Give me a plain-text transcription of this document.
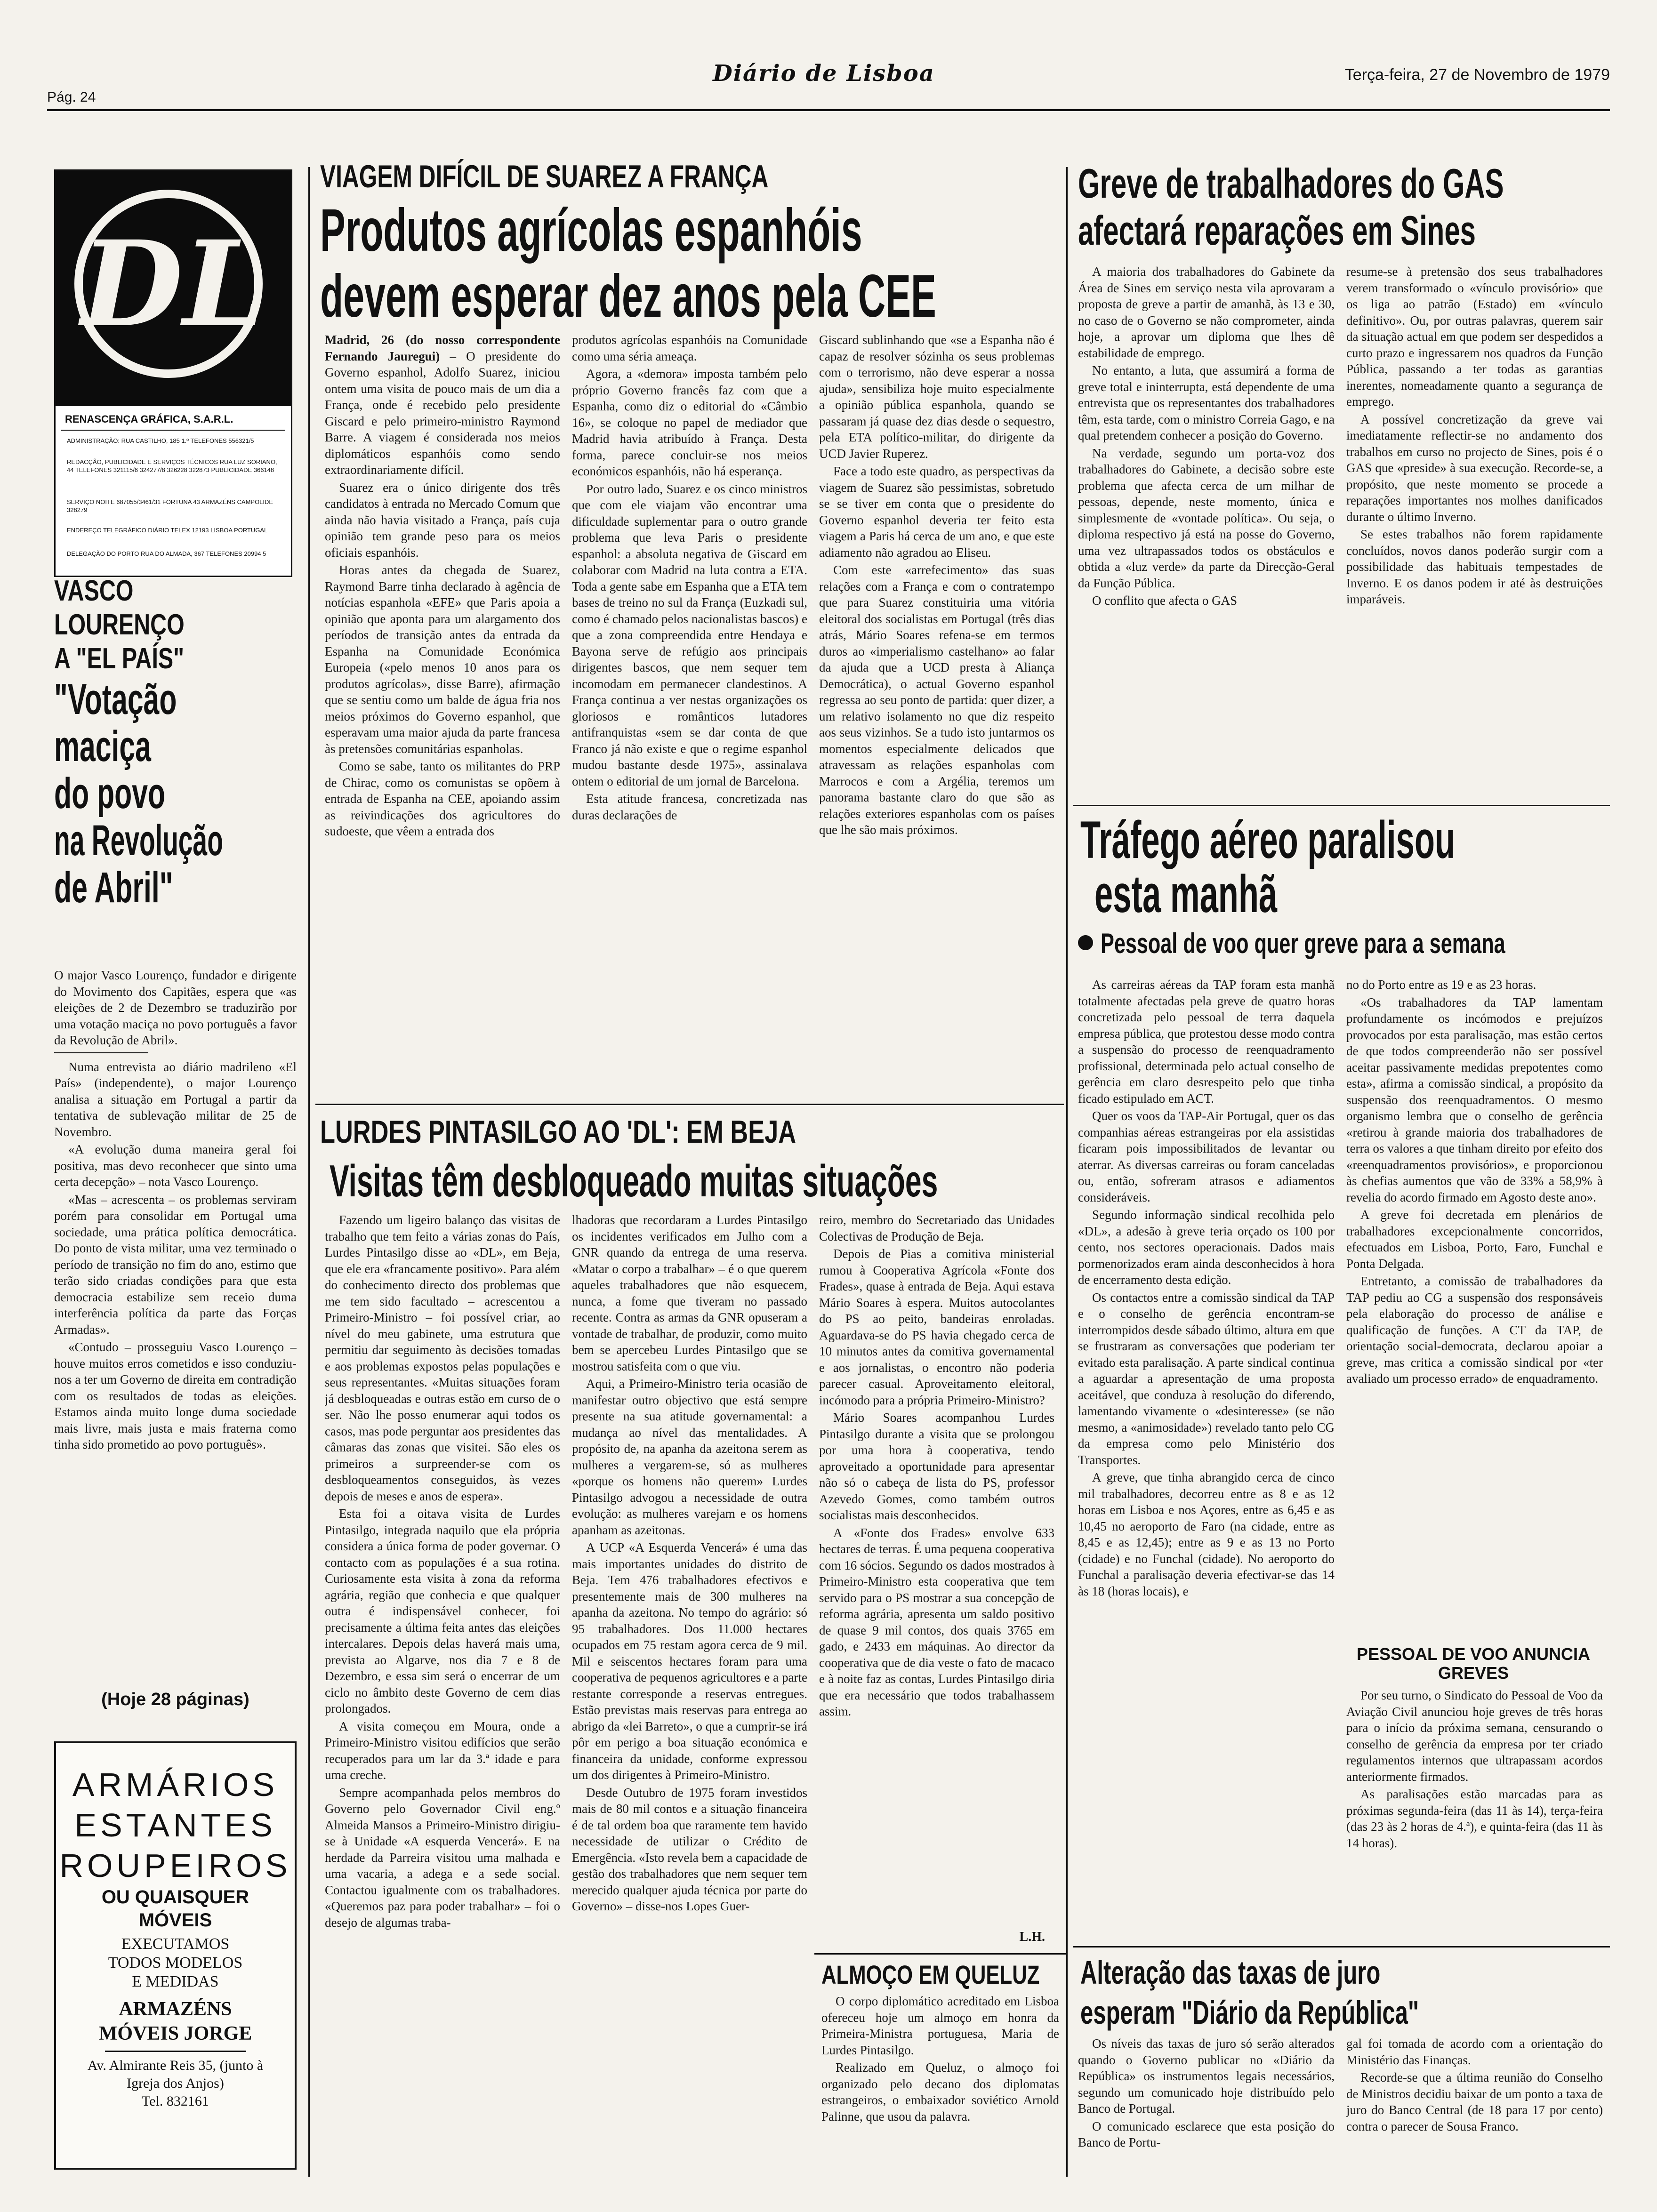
Pág. 24
Diário de Lisboa	Terça-feira, 27 de Novembro de 1979
DL
RENASCENÇA GRÁFICA, S.A.R.L.
ADMINISTRAÇÃO: RUA CASTILHO, 185 1.º TELEFONES 556321/5
REDACÇÃO, PUBLICIDADE E SERVIÇOS TÉCNICOS RUA LUZ SORIANO, 44 TELEFONES 321115/6 324277/8 326228 322873 PUBLICIDADE 366148
SERVIÇO NOITE 687055/3461/31 FORTUNA 43 ARMAZÉNS CAMPOLIDE 328279
ENDEREÇO TELEGRÁFICO DIÁRIO TELEX 12193 LISBOA PORTUGAL
DELEGAÇÃO DO PORTO RUA DO ALMADA, 367 TELEFONES 20994 5
VASCO
LOURENÇO
A "EL PAÍS"
"Votação
maciça
do povo
na Revolução
de Abril"

O major Vasco Lourenço, fundador e dirigente do Movimento dos Capitães, espera que «as eleições de 2 de Dezembro se traduzirão por uma votação maciça no povo português a favor da Revolução de Abril».

Numa entrevista ao diário madrileno «El País» (independente), o major Lourenço analisa a situação em Portugal a partir da tentativa de sublevação militar de 25 de Novembro.

«A evolução duma maneira geral foi positiva, mas devo reconhecer que sinto uma certa decepção» – nota Vasco Lourenço.

«Mas – acrescenta – os problemas serviram porém para consolidar em Portugal uma sociedade, uma prática política democrática. Do ponto de vista militar, uma vez terminado o período de transição no fim do ano, estimo que terão sido criadas condições para que esta democracia estabilize sem receio duma interferência política da parte das Forças Armadas».

«Contudo – prosseguiu Vasco Lourenço – houve muitos erros cometidos e isso conduziu-nos a ter um Governo de direita em contradição com os resultados de todas as eleições. Estamos ainda muito longe duma sociedade mais livre, mais justa e mais fraterna como tinha sido prometido ao povo português».

(Hoje 28 páginas)
ARMÁRIOS
ESTANTES
ROUPEIROS
OU QUAISQUER
MÓVEIS
EXECUTAMOS
TODOS MODELOS
E MEDIDAS
ARMAZÉNS
MÓVEIS JORGE
Av. Almirante Reis 35, (junto à Igreja dos Anjos)
Tel. 832161
VIAGEM DIFÍCIL DE SUAREZ A FRANÇA
Produtos agrícolas espanhóis
devem esperar dez anos pela CEE

Madrid, 26 (do nosso correspondente Fernando Jauregui) – O presidente do Governo espanhol, Adolfo Suarez, iniciou ontem uma visita de pouco mais de um dia a França, onde é recebido pelo presidente Giscard e pelo primeiro-ministro Raymond Barre. A viagem é considerada nos meios diplomáticos espanhóis como sendo extraordinariamente difícil.

Suarez era o único dirigente dos três candidatos à entrada no Mercado Comum que ainda não havia visitado a França, país cuja opinião tem grande peso para os meios oficiais espanhóis.

Horas antes da chegada de Suarez, Raymond Barre tinha declarado à agência de notícias espanhola «EFE» que Paris apoia a opinião que aponta para um alargamento dos períodos de transição antes da entrada da Espanha na Comunidade Económica Europeia («pelo menos 10 anos para os produtos agrícolas», disse Barre), afirmação que se sentiu como um balde de água fria nos meios próximos do Governo espanhol, que esperavam uma maior ajuda da parte francesa às pretensões comunitárias espanholas.

Como se sabe, tanto os militantes do PRP de Chirac, como os comunistas se opõem à entrada de Espanha na CEE, apoiando assim as reivindicações dos agricultores do sudoeste, que vêem a entrada dos

produtos agrícolas espanhóis na Comunidade como uma séria ameaça.

Agora, a «demora» imposta também pelo próprio Governo francês faz com que a Espanha, como diz o editorial do «Câmbio 16», se coloque no papel de mediador que Madrid havia atribuído à França. Desta forma, parece concluir-se nos meios económicos espanhóis, não há esperança.

Por outro lado, Suarez e os cinco ministros que com ele viajam vão encontrar uma dificuldade suplementar para o outro grande problema que leva Paris o presidente espanhol: a absoluta negativa de Giscard em colaborar com Madrid na luta contra a ETA. Toda a gente sabe em Espanha que a ETA tem bases de treino no sul da França (Euzkadi sul, como é chamado pelos nacionalistas bascos) e que a zona compreendida entre Hendaya e Bayona serve de refúgio aos principais dirigentes bascos, que nem sequer tem incomodam em permanecer clandestinos. A França continua a ver nestas organizações os gloriosos e românticos lutadores antifranquistas «sem se dar conta de que Franco já não existe e que o regime espanhol mudou bastante desde 1975», assinalava ontem o editorial de um jornal de Barcelona.

Esta atitude francesa, concretizada nas duras declarações de

Giscard sublinhando que «se a Espanha não é capaz de resolver sózinha os seus problemas com o terrorismo, não deve esperar a nossa ajuda», sensibiliza hoje muito especialmente a opinião pública espanhola, quando se passaram já quase dez dias desde o sequestro, pela ETA político-militar, do dirigente da UCD Javier Ruperez.

Face a todo este quadro, as perspectivas da viagem de Suarez são pessimistas, sobretudo se se tiver em conta que o presidente do Governo espanhol deveria ter feito esta viagem a Paris há cerca de um ano, e que este adiamento não agradou ao Eliseu.

Com este «arrefecimento» das suas relações com a França e com o contratempo que para Suarez constituiria uma vitória eleitoral dos socialistas em Portugal (três dias atrás, Mário Soares refena-se em termos duros ao «imperialismo castelhano» ao falar da ajuda que a UCD presta à Aliança Democrática), o actual Governo espanhol regressa ao seu ponto de partida: quer dizer, a um relativo isolamento no que diz respeito aos seus vizinhos. Se a tudo isto juntarmos os momentos especialmente delicados que atravessam as relações espanholas com Marrocos e com a Argélia, teremos um panorama bastante claro do que são as relações exteriores espanholas com os países que lhe são mais próximos.

LURDES PINTASILGO AO 'DL': EM BEJA
Visitas têm desbloqueado muitas situações

Fazendo um ligeiro balanço das visitas de trabalho que tem feito a várias zonas do País, Lurdes Pintasilgo disse ao «DL», em Beja, que ele era «francamente positivo». Para além do conhecimento directo dos problemas que me tem sido facultado – acrescentou a Primeiro-Ministro – foi possível criar, ao nível do meu gabinete, uma estrutura que permitiu dar seguimento às decisões tomadas e aos problemas expostos pelas populações e seus representantes. «Muitas situações foram já desbloqueadas e outras estão em curso de o ser. Não lhe posso enumerar aqui todos os casos, mas pode perguntar aos presidentes das câmaras das zonas que visitei. São eles os primeiros a surpreender-se com os desbloqueamentos conseguidos, às vezes depois de meses e anos de espera».

Esta foi a oitava visita de Lurdes Pintasilgo, integrada naquilo que ela própria considera a única forma de poder governar. O contacto com as populações é a sua rotina. Curiosamente esta visita à zona da reforma agrária, região que conhecia e que qualquer outra é indispensável conhecer, foi precisamente a última feita antes das eleições intercalares. Depois delas haverá mais uma, prevista ao Algarve, nos dia 7 e 8 de Dezembro, e essa sim será o encerrar de um ciclo no âmbito deste Governo de cem dias prolongados.

A visita começou em Moura, onde a Primeiro-Ministro visitou edifícios que serão recuperados para um lar da 3.ª idade e para uma creche.

Sempre acompanhada pelos membros do Governo pelo Governador Civil eng.º Almeida Mansos a Primeiro-Ministro dirigiu-se à Unidade «A esquerda Vencerá». E na herdade da Parreira visitou uma malhada e uma vacaria, a adega e a sede social. Contactou igualmente com os trabalhadores. «Queremos paz para poder trabalhar» – foi o desejo de algumas traba-

lhadoras que recordaram a Lurdes Pintasilgo os incidentes verificados em Julho com a GNR quando da entrega de uma reserva. «Matar o corpo a trabalhar» – é o que querem aqueles trabalhadores que não esquecem, nunca, a fome que tiveram no passado recente. Contra as armas da GNR opuseram a vontade de trabalhar, de produzir, como muito bem se apercebeu Lurdes Pintasilgo que se mostrou satisfeita com o que viu.

Aqui, a Primeiro-Ministro teria ocasião de manifestar outro objectivo que está sempre presente na sua atitude governamental: a mudança ao nível das mentalidades. A propósito de, na apanha da azeitona serem as mulheres a vergarem-se, só as mulheres «porque os homens não querem» Lurdes Pintasilgo advogou a necessidade de outra evolução: as mulheres varejam e os homens apanham as azeitonas.

A UCP «A Esquerda Vencerá» é uma das mais importantes unidades do distrito de Beja. Tem 476 trabalhadores efectivos e presentemente mais de 300 mulheres na apanha da azeitona. No tempo do agrário: só 95 trabalhadores. Dos 11.000 hectares ocupados em 75 restam agora cerca de 9 mil. Mil e seiscentos hectares foram para uma cooperativa de pequenos agricultores e a parte restante corresponde a reservas entregues. Estão previstas mais reservas para entrega ao abrigo da «lei Barreto», o que a cumprir-se irá pôr em perigo a boa situação económica e financeira da unidade, conforme expressou um dos dirigentes à Primeiro-Ministro.

Desde Outubro de 1975 foram investidos mais de 80 mil contos e a situação financeira é de tal ordem boa que raramente tem havido necessidade de utilizar o Crédito de Emergência. «Isto revela bem a capacidade de gestão dos trabalhadores que nem sequer tem merecido qualquer ajuda técnica por parte do Governo» – disse-nos Lopes Guer-

reiro, membro do Secretariado das Unidades Colectivas de Produção de Beja.

Depois de Pias a comitiva ministerial rumou à Cooperativa Agrícola «Fonte dos Frades», quase à entrada de Beja. Aqui estava Mário Soares à espera. Muitos autocolantes do PS ao peito, bandeiras enroladas. Aguardava-se do PS havia chegado cerca de 10 minutos antes da comitiva governamental e aos jornalistas, o encontro não poderia parecer casual. Aproveitamento eleitoral, incómodo para a própria Primeiro-Ministro?

Mário Soares acompanhou Lurdes Pintasilgo durante a visita que se prolongou por uma hora à cooperativa, tendo aproveitado a oportunidade para apresentar não só o cabeça de lista do PS, professor Azevedo Gomes, como também outros socialistas mais desconhecidos.

A «Fonte dos Frades» envolve 633 hectares de terras. É uma pequena cooperativa com 16 sócios. Segundo os dados mostrados à Primeiro-Ministro esta cooperativa que tem servido para o PS mostrar a sua concepção de reforma agrária, apresenta um saldo positivo de quase 9 mil contos, dos quais 3765 em gado, e 2433 em máquinas. Ao director da cooperativa que de dia veste o fato de macaco e à noite faz as contas, Lurdes Pintasilgo diria que era necessário que todos trabalhassem assim.

L.H.
ALMOÇO EM QUELUZ

O corpo diplomático acreditado em Lisboa ofereceu hoje um almoço em honra da Primeira-Ministra portuguesa, Maria de Lurdes Pintasilgo.

Realizado em Queluz, o almoço foi organizado pelo decano dos diplomatas estrangeiros, o embaixador soviético Arnold Palinne, que usou da palavra.

Greve de trabalhadores do GAS
afectará reparações em Sines

A maioria dos trabalhadores do Gabinete da Área de Sines em serviço nesta vila aprovaram a proposta de greve a partir de amanhã, às 13 e 30, no caso de o Governo se não comprometer, ainda hoje, a aprovar um diploma que lhes dê estabilidade de emprego.

No entanto, a luta, que assumirá a forma de greve total e ininterrupta, está dependente de uma entrevista que os representantes dos trabalhadores têm, esta tarde, com o ministro Correia Gago, e na qual pretendem conhecer a posição do Governo.

Na verdade, segundo um porta-voz dos trabalhadores do Gabinete, a decisão sobre este problema que afecta cerca de um milhar de pessoas, depende, neste momento, única e simplesmente de «vontade política». Ou seja, o diploma respectivo já está na posse do Governo, uma vez ultrapassados todos os obstáculos e obtida a «luz verde» da parte da Direcção-Geral da Função Pública.

O conflito que afecta o GAS

resume-se à pretensão dos seus trabalhadores verem transformado o «vínculo provisório» que os liga ao patrão (Estado) em «vínculo definitivo». Ou, por outras palavras, querem sair da situação actual em que podem ser despedidos a curto prazo e ingressarem nos quadros da Função Pública, passando a ter todas as garantias inerentes, nomeadamente quanto a segurança de emprego.

A possível concretização da greve vai imediatamente reflectir-se no andamento dos trabalhos em curso no projecto de Sines, pois é o GAS que «preside» à sua execução. Recorde-se, a propósito, que neste momento se procede a reparações importantes nos molhes danificados durante o último Inverno.

Se estes trabalhos não forem rapidamente concluídos, novos danos poderão surgir com a possibilidade das habituais tempestades de Inverno. E os danos podem ir até às destruições imparáveis.

Tráfego aéreo paralisou
esta manhã
Pessoal de voo quer greve para a semana

As carreiras aéreas da TAP foram esta manhã totalmente afectadas pela greve de quatro horas concretizada pelo pessoal de terra daquela empresa pública, que protestou desse modo contra a suspensão do processo de reenquadramento profissional, determinada pelo actual conselho de gerência em claro desrespeito pelo que tinha ficado estipulado em ACT.

Quer os voos da TAP-Air Portugal, quer os das companhias aéreas estrangeiras por ela assistidas ficaram pois impossibilitados de levantar ou aterrar. As diversas carreiras ou foram canceladas ou, então, sofreram atrasos e adiamentos consideráveis.

Segundo informação sindical recolhida pelo «DL», a adesão à greve teria orçado os 100 por cento, nos sectores operacionais. Dados mais pormenorizados eram ainda desconhecidos à hora de encerramento desta edição.

Os contactos entre a comissão sindical da TAP e o conselho de gerência encontram-se interrompidos desde sábado último, altura em que se frustraram as conversações que poderiam ter evitado esta paralisação. A parte sindical continua a aguardar a apresentação de uma proposta aceitável, que conduza à resolução do diferendo, lamentando vivamente o «desinteresse» (se não mesmo, a «animosidade») revelado tanto pelo CG da empresa como pelo Ministério dos Transportes.

A greve, que tinha abrangido cerca de cinco mil trabalhadores, decorreu entre as 8 e as 12 horas em Lisboa e nos Açores, entre as 6,45 e as 10,45 no aeroporto de Faro (na cidade, entre as 8,45 e as 12,45); entre as 9 e as 13 no Porto (cidade) e no Funchal (cidade). No aeroporto do Funchal a paralisação deveria efectivar-se das 14 às 18 (horas locais), e

no do Porto entre as 19 e as 23 horas.

«Os trabalhadores da TAP lamentam profundamente os incómodos e prejuízos provocados por esta paralisação, mas estão certos de que todos compreenderão não ser possível aceitar passivamente medidas prepotentes como esta», afirma a comissão sindical, a propósito da suspensão dos reenquadramentos. O mesmo organismo lembra que o conselho de gerência «retirou à grande maioria dos trabalhadores de terra os valores a que tinham direito por efeito dos «reenquadramentos provisórios», e proporcionou às chefias aumentos que vão de 33% a 58,9% à revelia do acordo firmado em Agosto deste ano».

A greve foi decretada em plenários de trabalhadores excepcionalmente concorridos, efectuados em Lisboa, Porto, Faro, Funchal e Ponta Delgada.

Entretanto, a comissão de trabalhadores da TAP pediu ao CG a suspensão dos responsáveis pela elaboração do processo de análise e qualificação de funções. A CT da TAP, de orientação social-democrata, declarou apoiar a greve, mas critica a comissão sindical por «ter avaliado um processo errado» de enquadramento.

PESSOAL DE VOO ANUNCIA GREVES

Por seu turno, o Sindicato do Pessoal de Voo da Aviação Civil anunciou hoje greves de três horas para o início da próxima semana, censurando o conselho de gerência da empresa por ter criado regulamentos internos que ultrapassam acordos anteriormente firmados.

As paralisações estão marcadas para as próximas segunda-feira (das 11 às 14), terça-feira (das 23 às 2 horas de 4.ª), e quinta-feira (das 11 às 14 horas).

Alteração das taxas de juro
esperam "Diário da República"

Os níveis das taxas de juro só serão alterados quando o Governo publicar no «Diário da República» os instrumentos legais necessários, segundo um comunicado hoje distribuído pelo Banco de Portugal.

O comunicado esclarece que esta posição do Banco de Portu-

gal foi tomada de acordo com a orientação do Ministério das Finanças.

Recorde-se que a última reunião do Conselho de Ministros decidiu baixar de um ponto a taxa de juro do Banco Central (de 18 para 17 por cento) contra o parecer de Sousa Franco.
